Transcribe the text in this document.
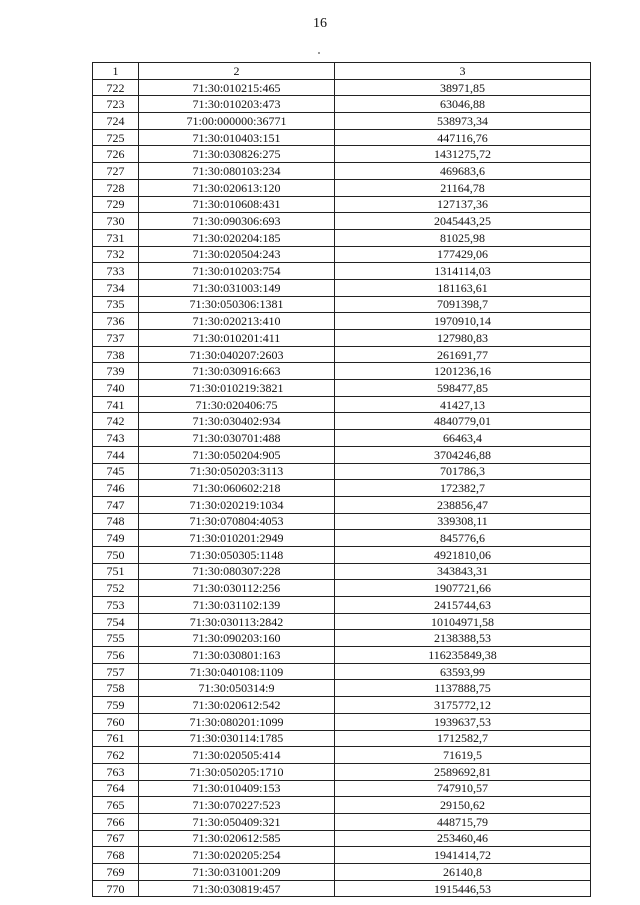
16
1	2	3
722	71:30:010215:465	38971,85
723	71:30:010203:473	63046,88
724	71:00:000000:36771	538973,34
725	71:30:010403:151	447116,76
726	71:30:030826:275	1431275,72
727	71:30:080103:234	469683,6
728	71:30:020613:120	21164,78
729	71:30:010608:431	127137,36
730	71:30:090306:693	2045443,25
731	71:30:020204:185	81025,98
732	71:30:020504:243	177429,06
733	71:30:010203:754	1314114,03
734	71:30:031003:149	181163,61
735	71:30:050306:1381	7091398,7
736	71:30:020213:410	1970910,14
737	71:30:010201:411	127980,83
738	71:30:040207:2603	261691,77
739	71:30:030916:663	1201236,16
740	71:30:010219:3821	598477,85
741	71:30:020406:75	41427,13
742	71:30:030402:934	4840779,01
743	71:30:030701:488	66463,4
744	71:30:050204:905	3704246,88
745	71:30:050203:3113	701786,3
746	71:30:060602:218	172382,7
747	71:30:020219:1034	238856,47
748	71:30:070804:4053	339308,11
749	71:30:010201:2949	845776,6
750	71:30:050305:1148	4921810,06
751	71:30:080307:228	343843,31
752	71:30:030112:256	1907721,66
753	71:30:031102:139	2415744,63
754	71:30:030113:2842	10104971,58
755	71:30:090203:160	2138388,53
756	71:30:030801:163	116235849,38
757	71:30:040108:1109	63593,99
758	71:30:050314:9	1137888,75
759	71:30:020612:542	3175772,12
760	71:30:080201:1099	1939637,53
761	71:30:030114:1785	1712582,7
762	71:30:020505:414	71619,5
763	71:30:050205:1710	2589692,81
764	71:30:010409:153	747910,57
765	71:30:070227:523	29150,62
766	71:30:050409:321	448715,79
767	71:30:020612:585	253460,46
768	71:30:020205:254	1941414,72
769	71:30:031001:209	26140,8
770	71:30:030819:457	1915446,53
